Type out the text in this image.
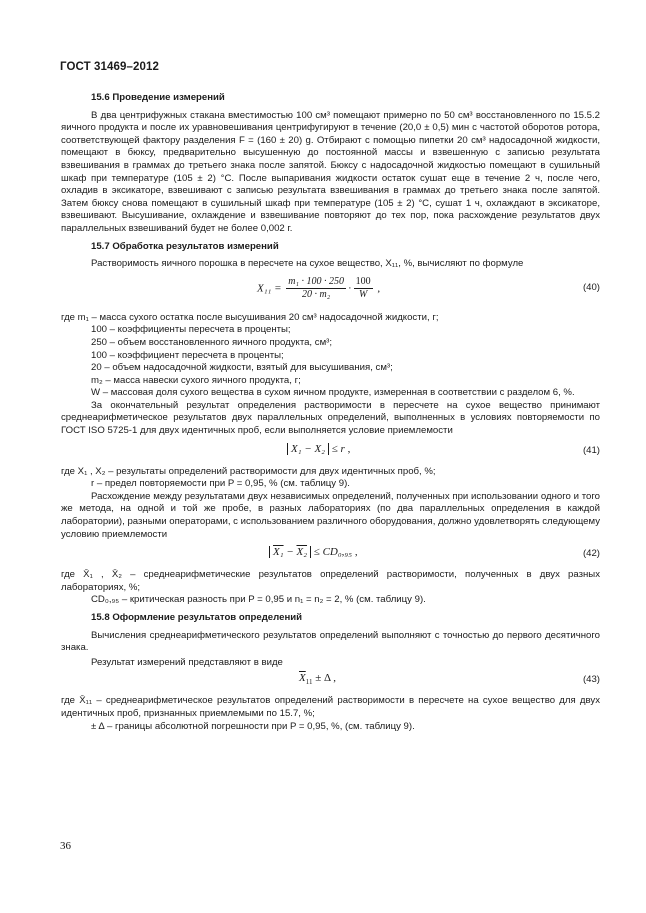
ГОСТ 31469–2012
15.6 Проведение измерений
В два центрифужных стакана вместимостью 100 см³ помещают примерно по 50 см³ восстановленного по 15.5.2 яичного продукта и после их уравновешивания центрифугируют в течение (20,0 ± 0,5) мин с частотой оборотов ротора, соответствующей фактору разделения F = (160 ± 20) g. Отбирают с помощью пипетки 20 см³ надосадочной жидкости, помещают в бюксу, предварительно высушенную до постоянной массы и взвешенную с записью результата взвешивания в граммах до третьего знака после запятой. Бюксу с надосадочной жидкостью помещают в сушильный шкаф при температуре (105 ± 2) °С. После выпаривания жидкости остаток сушат еще в течение 2 ч, после чего, охладив в эксикаторе, взвешивают с записью результата взвешивания в граммах до третьего знака после запятой. Затем бюксу снова помещают в сушильный шкаф при температуре (105 ± 2) °С, сушат 1 ч, охлаждают в эксикаторе, взвешивают. Высушивание, охлаждение и взвешивание повторяют до тех пор, пока расхождение результатов двух параллельных взвешиваний будет не более 0,002 г.
15.7 Обработка результатов измерений
Растворимость яичного порошка в пересчете на сухое вещество, X₁₁, %, вычисляют по формуле
$X_{11} = \frac{\text{m₁ · 100 · 250}}{\text{20 · m₂}} \cdot \frac{100}{W}$ ,	(40)
где m₁ – масса сухого остатка после высушивания 20 см³ надосадочной жидкости, г;
100 – коэффициенты пересчета в проценты;
250 – объем восстановленного яичного продукта, см³;
100 – коэффициент пересчета в проценты;
20 – объем надосадочной жидкости, взятый для высушивания, см³;
m₂ – масса навески сухого яичного продукта, г;
W – массовая доля сухого вещества в сухом яичном продукте, измеренная в соответствии с разделом 6, %.
За окончательный результат определения растворимости в пересчете на сухое вещество принимают среднеарифметическое результатов двух параллельных определений, выполненных в условиях повторяемости по ГОСТ ISO 5725-1 для двух идентичных проб, если выполняется условие приемлемости
X₁ − X₂ ≤ r ,	(41)
где X₁ , X₂ – результаты определений растворимости для двух идентичных проб, %;
r – предел повторяемости при P = 0,95, % (см. таблицу 9).
Расхождение между результатами двух независимых определений, полученных при использовании одного и того же метода, на одной и той же пробе, в разных лабораториях (по два параллельных определения в каждой лаборатории), разными операторами, с использованием различного оборудования, должно удовлетворять следующему условию приемлемости
X₁ − X₂ ≤ CD₀,₉₅ ,	(42)
где X̄₁ , X̄₂ – среднеарифметические результатов определений растворимости, полученных в двух разных лабораториях, %;
CD₀,₉₅ – критическая разность при P = 0,95 и n₁ = n₂ = 2, % (см. таблицу 9).
15.8 Оформление результатов определений
Вычисления среднеарифметического результатов определений выполняют с точностью до первого десятичного знака.
Результат измерений представляют в виде
$\overline{X}_{11} \pm \Delta$ ,	(43)
где X̄₁₁ – среднеарифметическое результатов определений растворимости в пересчете на сухое вещество для двух идентичных проб, признанных приемлемыми по 15.7, %;
± Δ – границы абсолютной погрешности при P = 0,95, %, (см. таблицу 9).
36
